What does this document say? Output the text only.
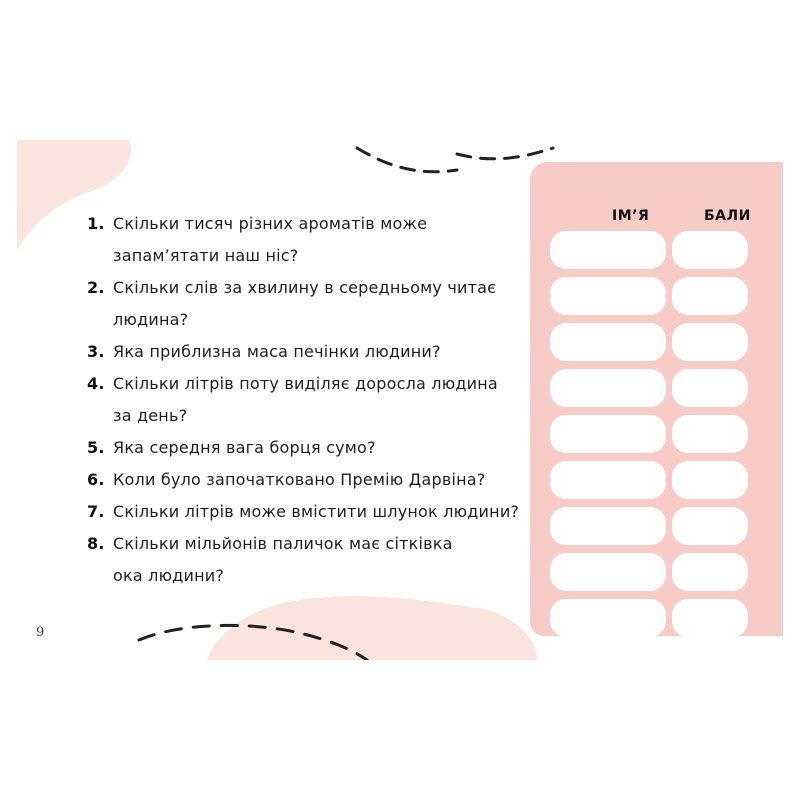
1. Скільки тисяч різних ароматів може
запам’ятати наш ніс?
2. Скільки слів за хвилину в середньому читає
людина?
3. Яка приблизна маса печінки людини?
4. Скільки літрів поту виділяє доросла людина
за день?
5. Яка середня вага борця сумо?
6. Коли було започатковано Премію Дарвіна?
7. Скільки літрів може вмістити шлунок людини?
8. Скільки мільйонів паличок має сітківка
ока людини?
9
ІМ’Я	БАЛИ
